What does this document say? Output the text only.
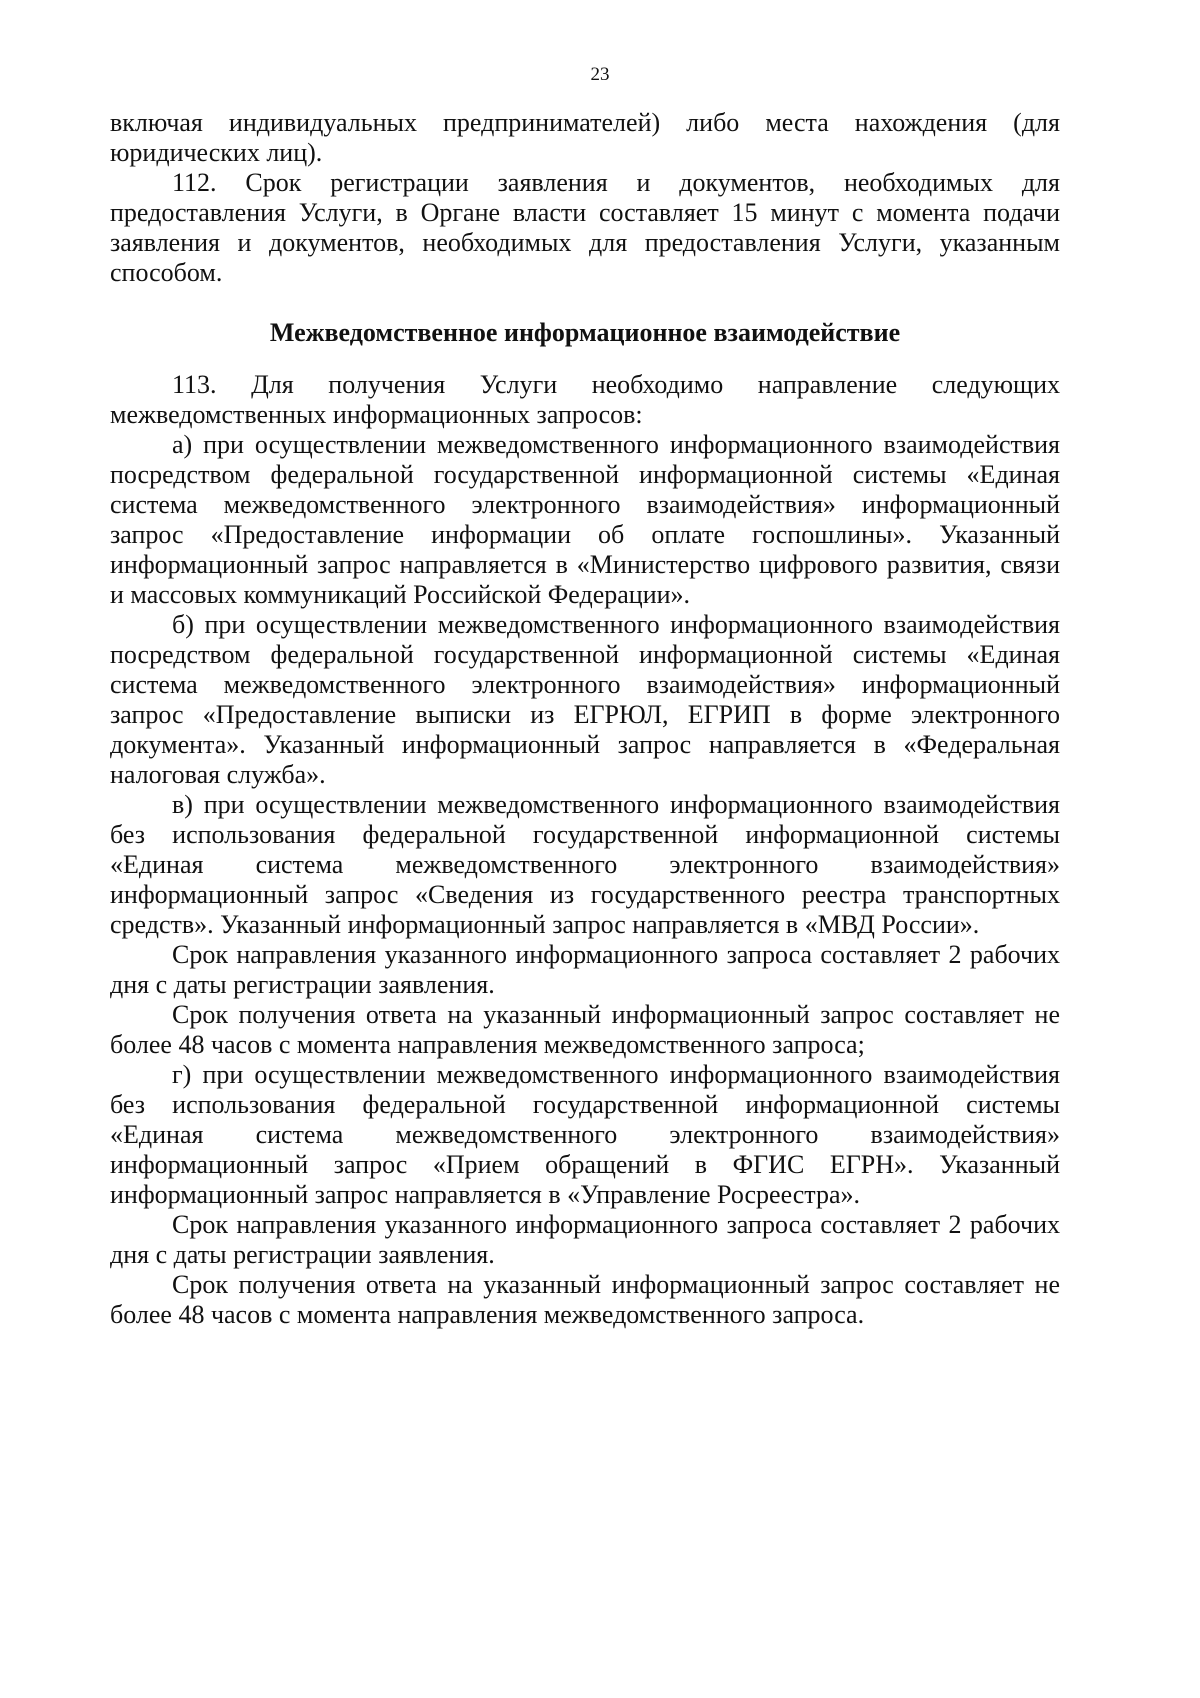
23
включая индивидуальных предпринимателей) либо места нахождения (для
юридических лиц).
112. Срок регистрации заявления и документов, необходимых для
предоставления Услуги, в Органе власти составляет 15 минут с момента подачи
заявления и документов, необходимых для предоставления Услуги, указанным
способом.
Межведомственное информационное взаимодействие
113. Для получения Услуги необходимо направление следующих
межведомственных информационных запросов:
а) при осуществлении межведомственного информационного взаимодействия
посредством федеральной государственной информационной системы «Единая
система межведомственного электронного взаимодействия» информационный
запрос «Предоставление информации об оплате госпошлины». Указанный
информационный запрос направляется в «Министерство цифрового развития, связи
и массовых коммуникаций Российской Федерации».
б) при осуществлении межведомственного информационного взаимодействия
посредством федеральной государственной информационной системы «Единая
система межведомственного электронного взаимодействия» информационный
запрос «Предоставление выписки из ЕГРЮЛ, ЕГРИП в форме электронного
документа». Указанный информационный запрос направляется в «Федеральная
налоговая служба».
в) при осуществлении межведомственного информационного взаимодействия
без использования федеральной государственной информационной системы
«Единая система межведомственного электронного взаимодействия»
информационный запрос «Сведения из государственного реестра транспортных
средств». Указанный информационный запрос направляется в «МВД России».
Срок направления указанного информационного запроса составляет 2 рабочих
дня с даты регистрации заявления.
Срок получения ответа на указанный информационный запрос составляет не
более 48 часов с момента направления межведомственного запроса;
г) при осуществлении межведомственного информационного взаимодействия
без использования федеральной государственной информационной системы
«Единая система межведомственного электронного взаимодействия»
информационный запрос «Прием обращений в ФГИС ЕГРН». Указанный
информационный запрос направляется в «Управление Росреестра».
Срок направления указанного информационного запроса составляет 2 рабочих
дня с даты регистрации заявления.
Срок получения ответа на указанный информационный запрос составляет не
более 48 часов с момента направления межведомственного запроса.
